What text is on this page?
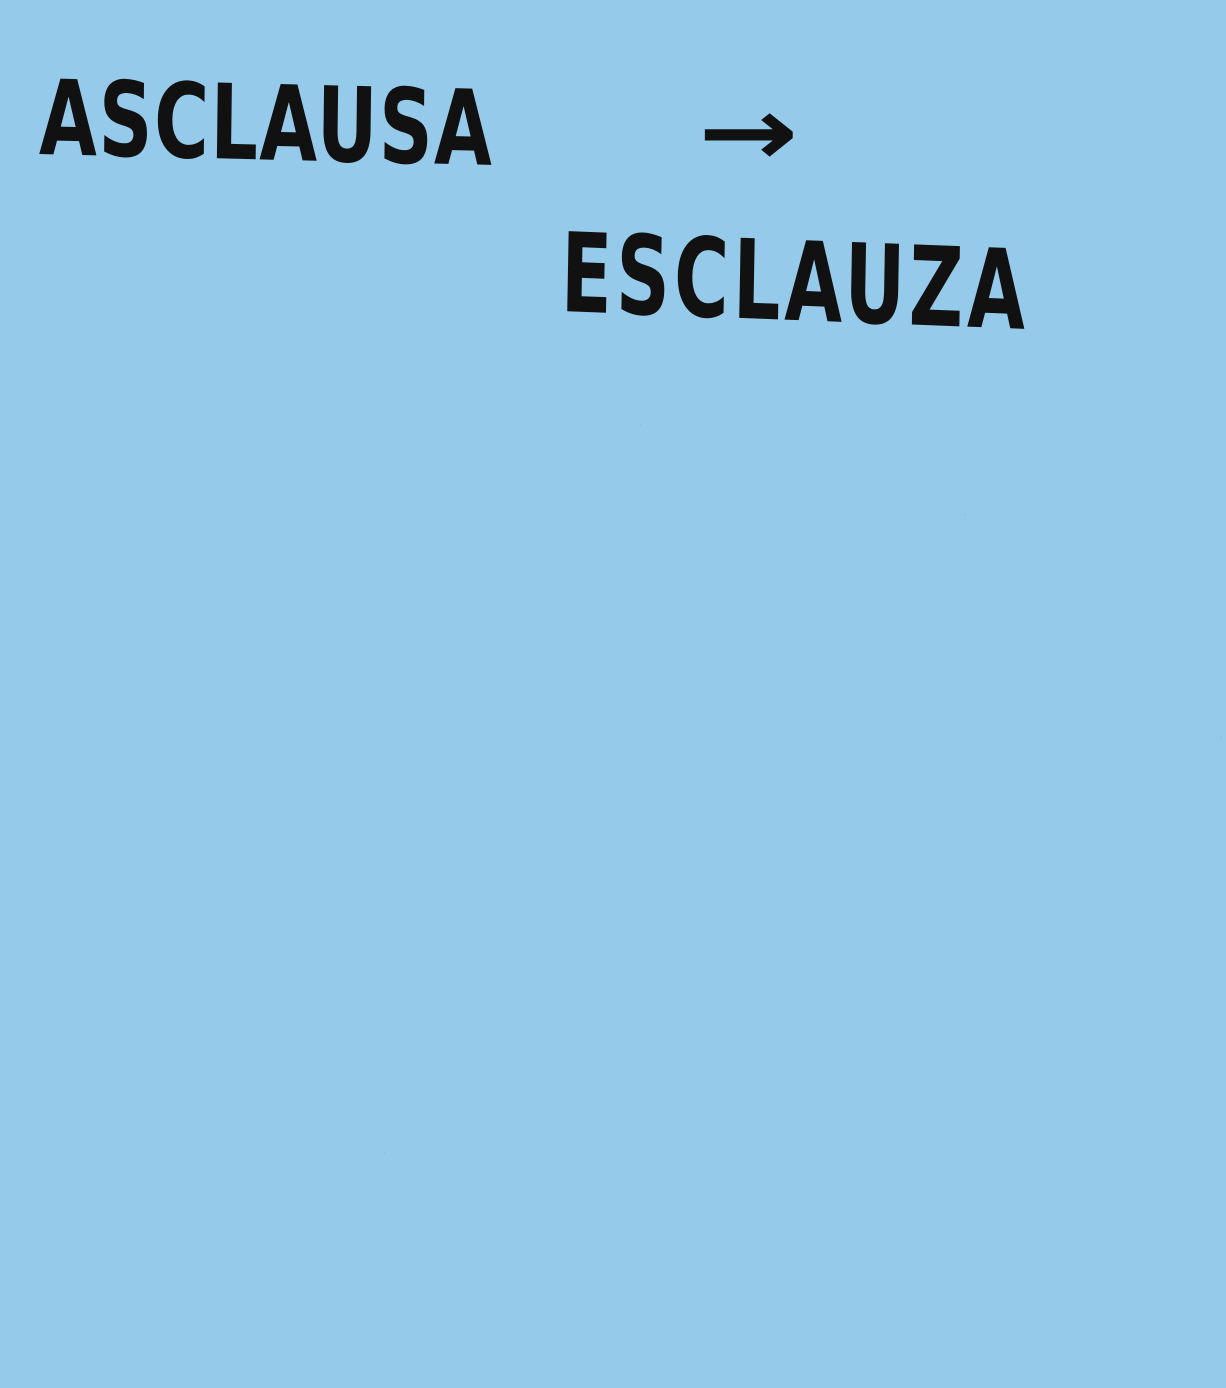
ASCLAUSA →

ESCLAUZA
